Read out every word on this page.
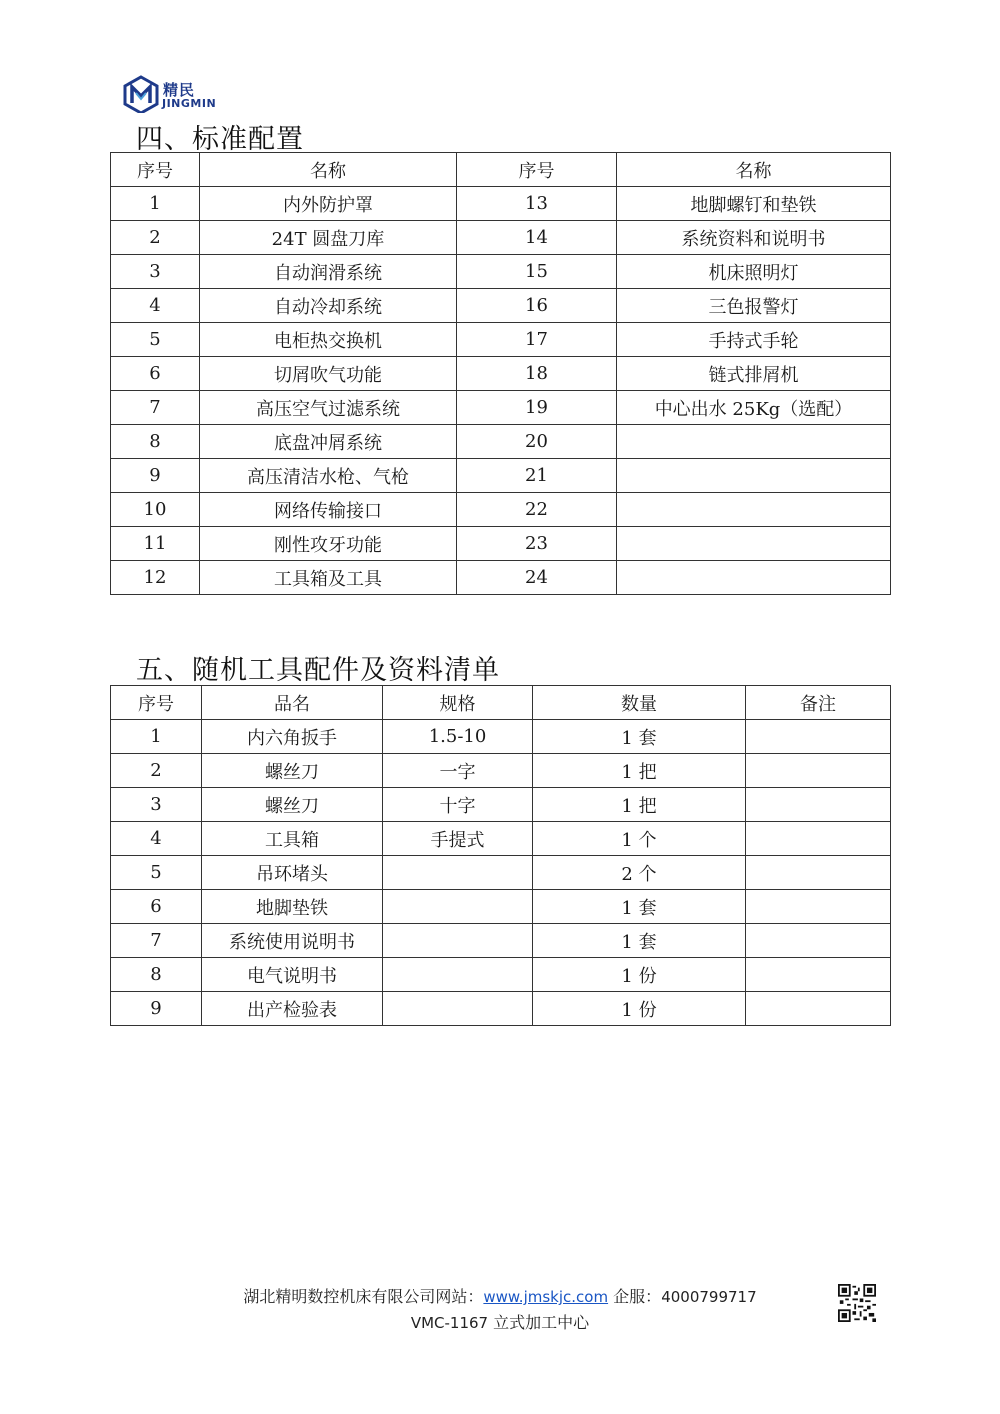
精民
JINGMIN
四、标准配置
序号	名称	序号	名称
1	内外防护罩	13	地脚螺钉和垫铁
2	24T 圆盘刀库	14	系统资料和说明书
3	自动润滑系统	15	机床照明灯
4	自动冷却系统	16	三色报警灯
5	电柜热交换机	17	手持式手轮
6	切屑吹气功能	18	链式排屑机
7	高压空气过滤系统	19	中心出水 25Kg（选配）
8	底盘冲屑系统	20	
9	高压清洁水枪、气枪	21	
10	网络传输接口	22	
11	刚性攻牙功能	23	
12	工具箱及工具	24	
五、随机工具配件及资料清单
序号	品名	规格	数量	备注
1	内六角扳手	1.5-10	1 套	
2	螺丝刀	一字	1 把	
3	螺丝刀	十字	1 把	
4	工具箱	手提式	1 个	
5	吊环堵头		2 个	
6	地脚垫铁		1 套	
7	系统使用说明书		1 套	
8	电气说明书		1 份	
9	出产检验表		1 份	
湖北精明数控机床有限公司网站：www.jmskjc.com 企服：4000799717
VMC-1167 立式加工中心
